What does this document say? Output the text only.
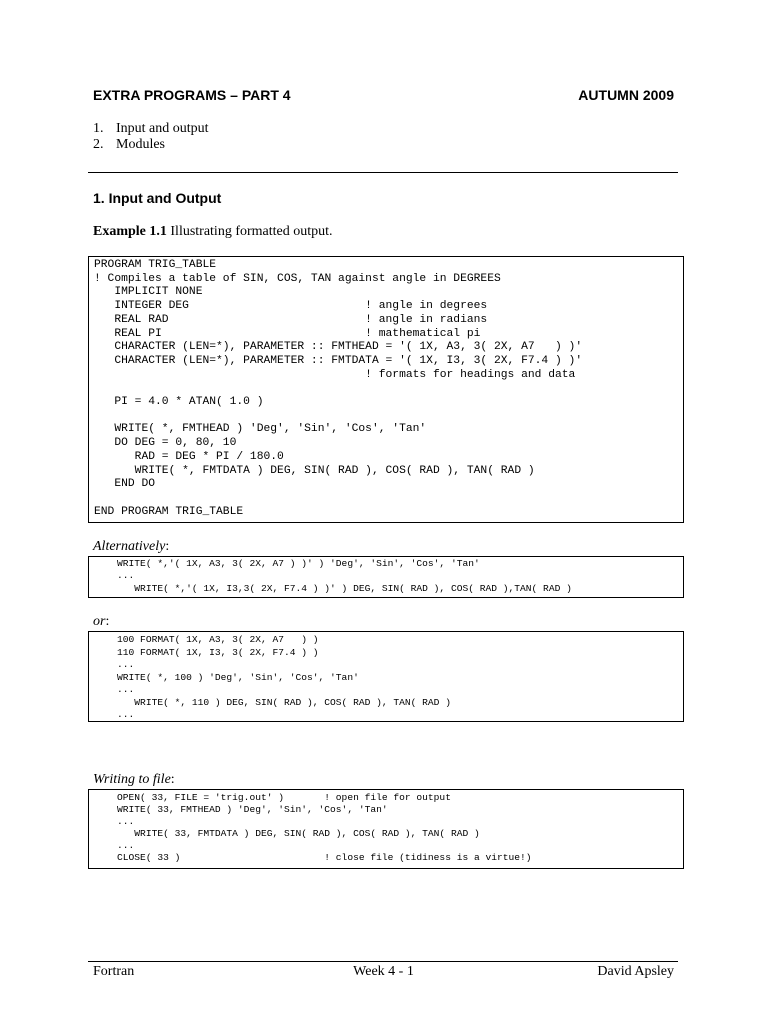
EXTRA PROGRAMS – PART 4	AUTUMN 2009
1. Input and output
2. Modules
1. Input and Output
Example 1.1 Illustrating formatted output.
PROGRAM TRIG_TABLE
! Compiles a table of SIN, COS, TAN against angle in DEGREES
IMPLICIT NONE
INTEGER DEG                          ! angle in degrees
REAL RAD                             ! angle in radians
REAL PI                              ! mathematical pi
CHARACTER (LEN=*), PARAMETER :: FMTHEAD = '( 1X, A3, 3( 2X, A7   ) )'
CHARACTER (LEN=*), PARAMETER :: FMTDATA = '( 1X, I3, 3( 2X, F7.4 ) )'
! formats for headings and data

PI = 4.0 * ATAN( 1.0 )

WRITE( *, FMTHEAD ) 'Deg', 'Sin', 'Cos', 'Tan'
DO DEG = 0, 80, 10
RAD = DEG * PI / 180.0
WRITE( *, FMTDATA ) DEG, SIN( RAD ), COS( RAD ), TAN( RAD )
END DO

END PROGRAM TRIG_TABLE
Alternatively:
WRITE( *,'( 1X, A3, 3( 2X, A7 ) )' ) 'Deg', 'Sin', 'Cos', 'Tan'
...
WRITE( *,'( 1X, I3,3( 2X, F7.4 ) )' ) DEG, SIN( RAD ), COS( RAD ),TAN( RAD )
or:
100 FORMAT( 1X, A3, 3( 2X, A7   ) )
110 FORMAT( 1X, I3, 3( 2X, F7.4 ) )
...
WRITE( *, 100 ) 'Deg', 'Sin', 'Cos', 'Tan'
...
WRITE( *, 110 ) DEG, SIN( RAD ), COS( RAD ), TAN( RAD )
...
Writing to file:
OPEN( 33, FILE = 'trig.out' )       ! open file for output
WRITE( 33, FMTHEAD ) 'Deg', 'Sin', 'Cos', 'Tan'
...
WRITE( 33, FMTDATA ) DEG, SIN( RAD ), COS( RAD ), TAN( RAD )
...
CLOSE( 33 )                         ! close file (tidiness is a virtue!)
Fortran	Week 4 - 1	David Apsley
